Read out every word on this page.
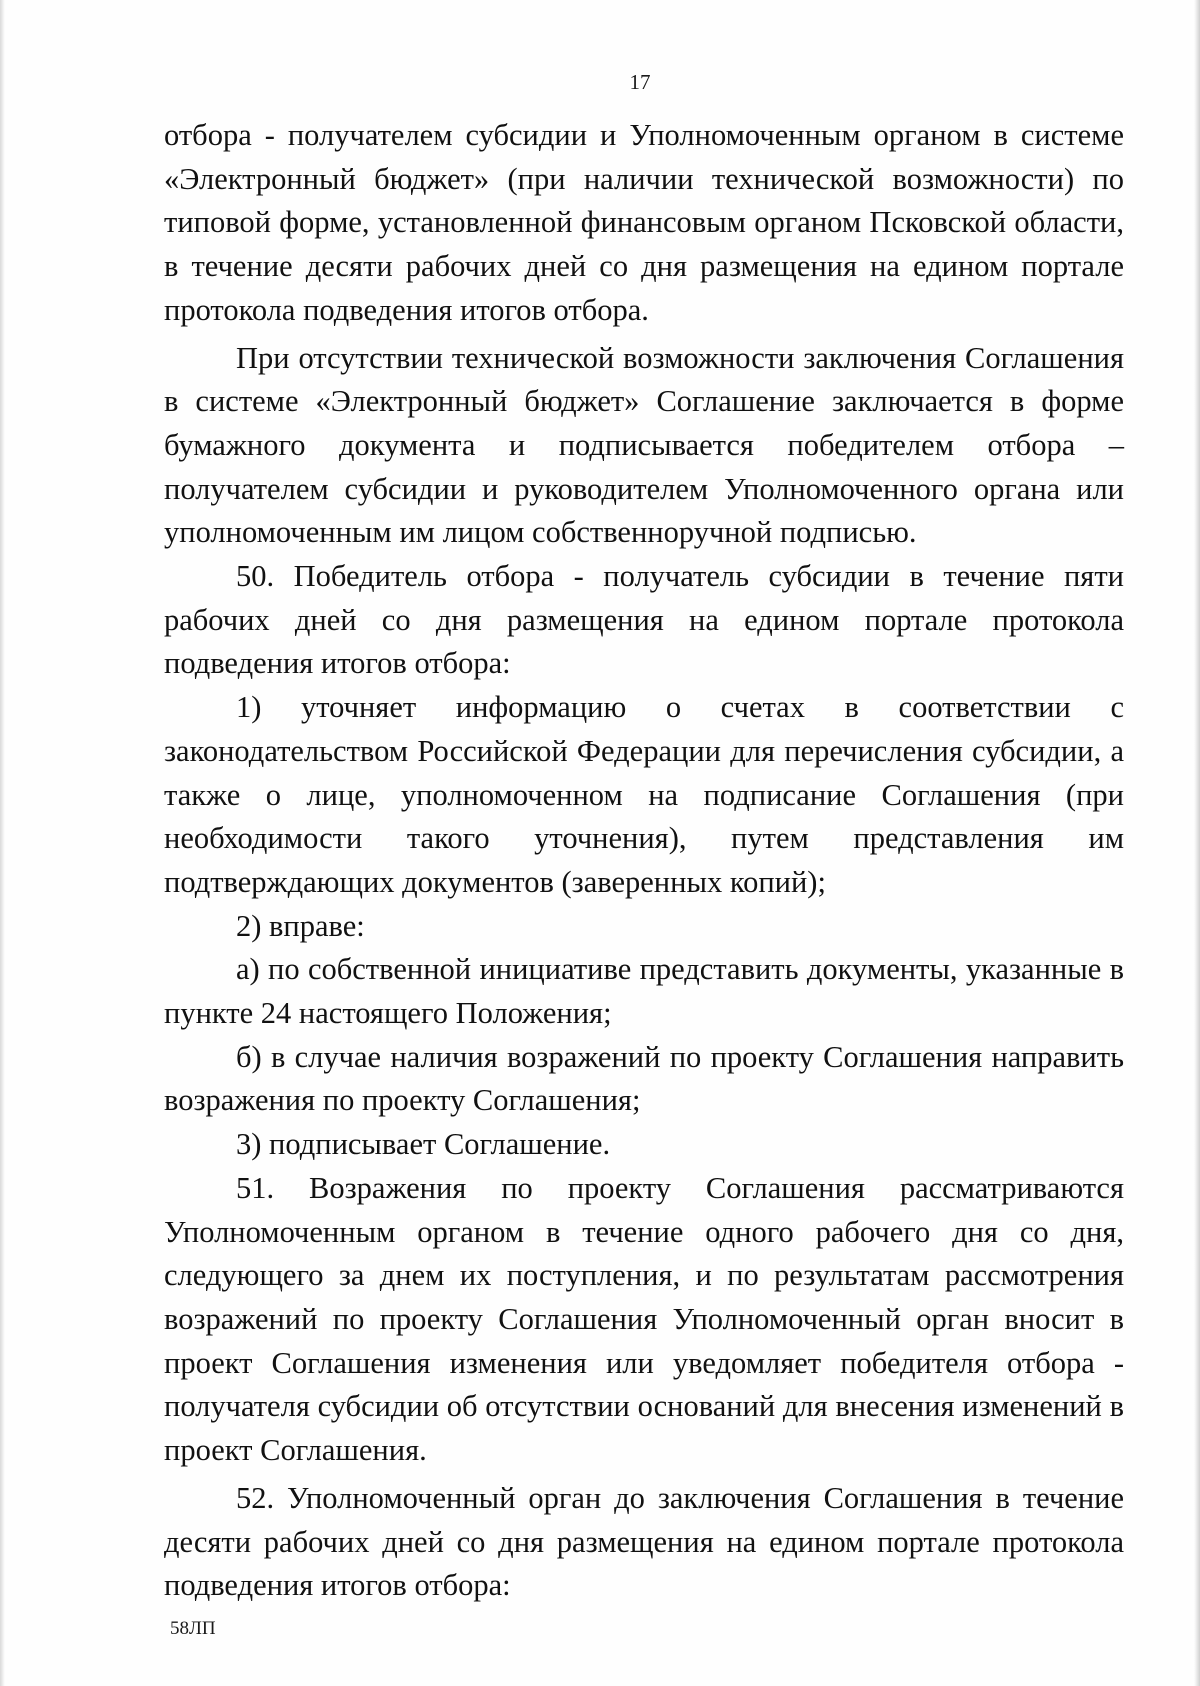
17

отбора - получателем субсидии и Уполномоченным органом в системе «Электронный бюджет» (при наличии технической возможности) по типовой форме, установленной финансовым органом Псковской области, в течение десяти рабочих дней со дня размещения на едином портале протокола подведения итогов отбора.

При отсутствии технической возможности заключения Соглашения в системе «Электронный бюджет» Соглашение заключается в форме бумажного документа и подписывается победителем отбора – получателем субсидии и руководителем Уполномоченного органа или уполномоченным им лицом собственноручной подписью.

50. Победитель отбора - получатель субсидии в течение пяти рабочих дней со дня размещения на едином портале протокола подведения итогов отбора:

1) уточняет информацию о счетах в соответствии с законодательством Российской Федерации для перечисления субсидии, а также о лице, уполномоченном на подписание Соглашения (при необходимости такого уточнения), путем представления им подтверждающих документов (заверенных копий);

2) вправе:

а) по собственной инициативе представить документы, указанные в пункте 24 настоящего Положения;

б) в случае наличия возражений по проекту Соглашения направить возражения по проекту Соглашения;

3) подписывает Соглашение.

51. Возражения по проекту Соглашения рассматриваются Уполномоченным органом в течение одного рабочего дня со дня, следующего за днем их поступления, и по результатам рассмотрения возражений по проекту Соглашения Уполномоченный орган вносит в проект Соглашения изменения или уведомляет победителя отбора - получателя субсидии об отсутствии оснований для внесения изменений в проект Соглашения.

52. Уполномоченный орган до заключения Соглашения в течение десяти рабочих дней со дня размещения на едином портале протокола подведения итогов отбора:

58ЛП
